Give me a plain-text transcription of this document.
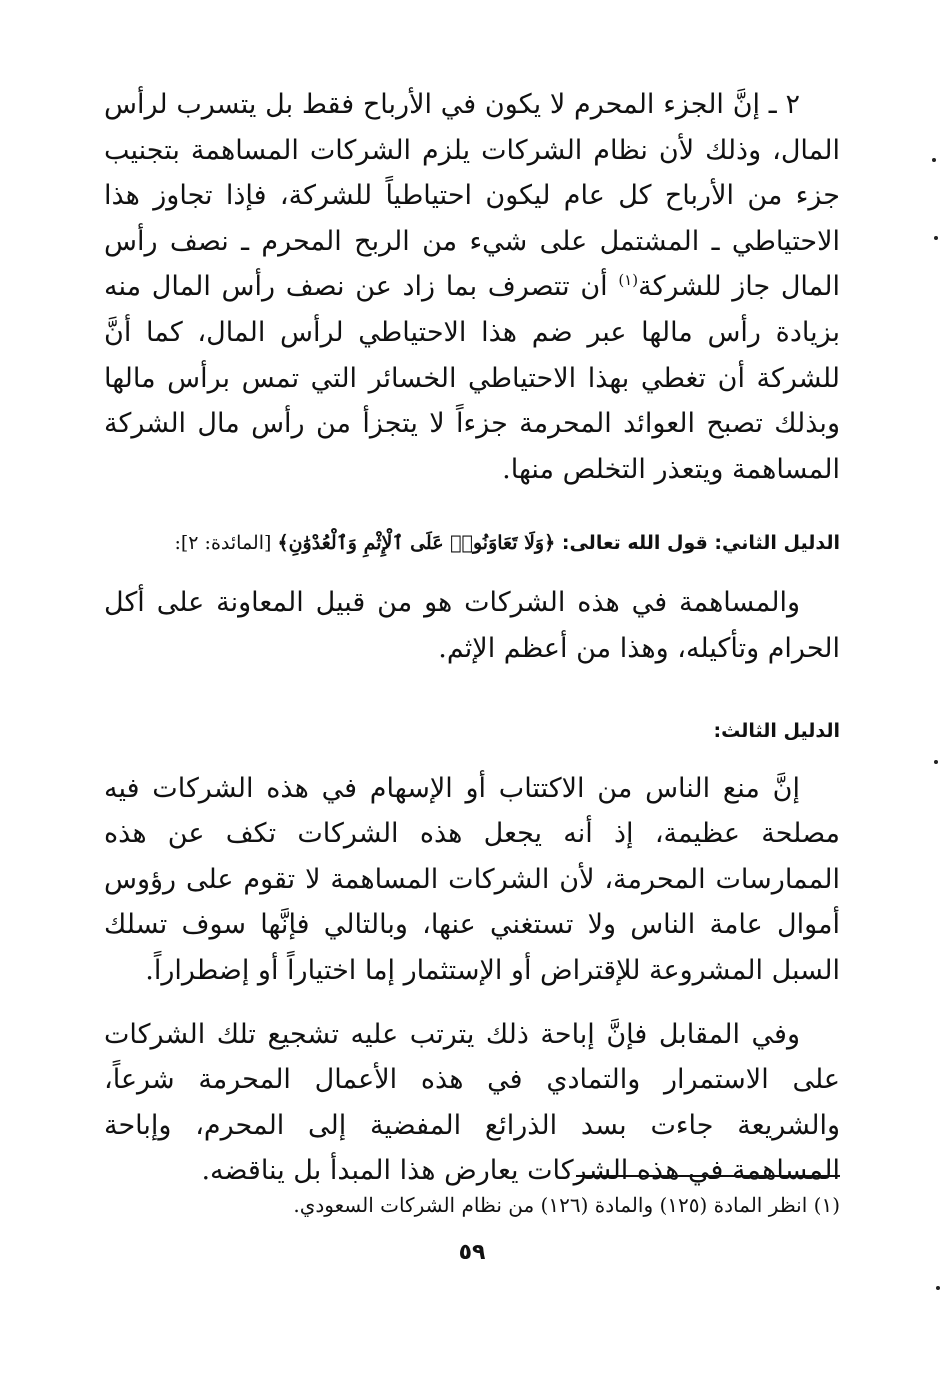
٢ ـ إنَّ الجزء المحرم لا يكون في الأرباح فقط بل يتسرب لرأس المال، وذلك لأن نظام الشركات يلزم الشركات المساهمة بتجنيب جزء من الأرباح كل عام ليكون احتياطياً للشركة، فإذا تجاوز هذا الاحتياطي ـ المشتمل على شيء من الربح المحرم ـ نصف رأس المال جاز للشركة$^{(١)}$ أن تتصرف بما زاد عن نصف رأس المال منه بزيادة رأس مالها عبر ضم هذا الاحتياطي لرأس المال، كما أنَّ للشركة أن تغطي بهذا الاحتياطي الخسائر التي تمس برأس مالها وبذلك تصبح العوائد المحرمة جزءاً لا يتجزأ من رأس مال الشركة المساهمة ويتعذر التخلص منها.

الدليل الثاني: قول الله تعالى: ﴿وَلَا تَعَاوَنُوا۟ عَلَى ٱلْإِثْمِ وَٱلْعُدْوَٰنِ﴾ [المائدة: ٢]:

والمساهمة في هذه الشركات هو من قبيل المعاونة على أكل الحرام وتأكيله، وهذا من أعظم الإثم.

الدليل الثالث:

إنَّ منع الناس من الاكتتاب أو الإسهام في هذه الشركات فيه مصلحة عظيمة، إذ أنه يجعل هذه الشركات تكف عن هذه الممارسات المحرمة، لأن الشركات المساهمة لا تقوم على رؤوس أموال عامة الناس ولا تستغني عنها، وبالتالي فإنَّها سوف تسلك السبل المشروعة للإقتراض أو الإستثمار إما اختياراً أو إضطراراً.

وفي المقابل فإنَّ إباحة ذلك يترتب عليه تشجيع تلك الشركات على الاستمرار والتمادي في هذه الأعمال المحرمة شرعاً، والشريعة جاءت بسد الذرائع المفضية إلى المحرم، وإباحة المساهمة في هذه الشركات يعارض هذا المبدأ بل يناقضه.

(١) انظر المادة (١٢٥) والمادة (١٢٦) من نظام الشركات السعودي.
٥٩
